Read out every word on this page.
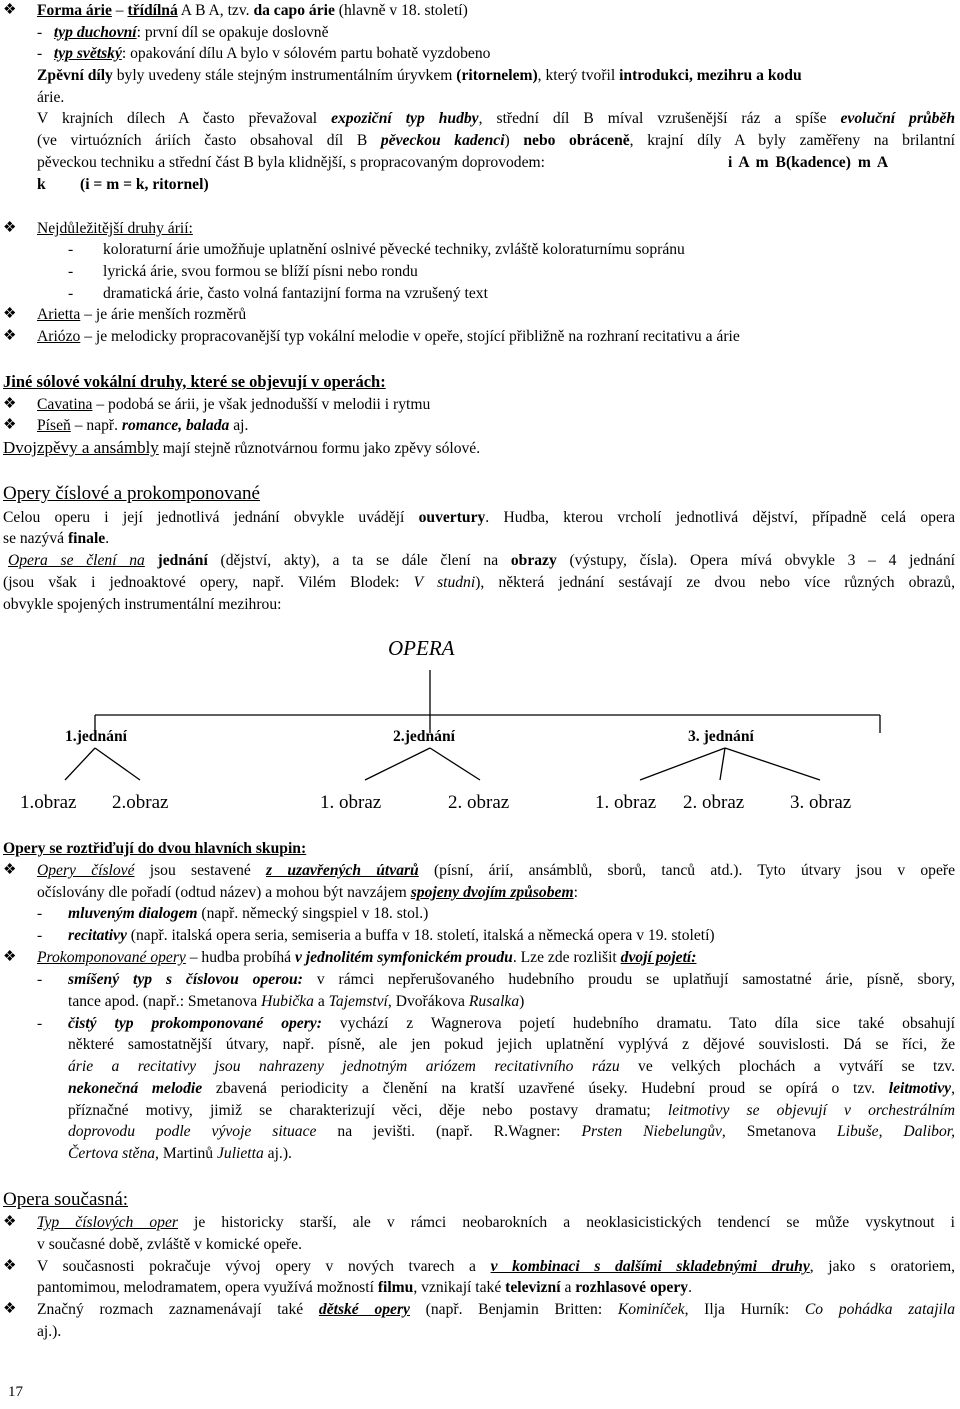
❖ Forma árie – třídílná A B A, tzv. da capo árie (hlavně v 18. století)
-   typ duchovní: první díl se opakuje doslovně
-   typ světský: opakování dílu A bylo v sólovém partu bohatě vyzdobeno
Zpěvní díly byly uvedeny stále stejným instrumentálním úryvkem (ritornelem), který tvořil introdukci, mezihru a kodu
árie.
V krajních dílech A často převažoval expoziční typ hudby, střední díl B míval vzrušenější ráz a spíše evoluční průběh
(ve virtuózních áriích často obsahoval díl B pěveckou kadenci) nebo obráceně, krajní díly A byly zaměřeny na brilantní
pěveckou techniku a střední část B byla klidnější, s propracovaným doprovodem:	i A m B(kadence) m A
k (i = m = k, ritornel)
❖ Nejdůležitější druhy árií:
- koloraturní árie umožňuje uplatnění oslnivé pěvecké techniky, zvláště koloraturnímu sopránu
- lyrická árie, svou formou se blíží písni nebo rondu
- dramatická árie, často volná fantazijní forma na vzrušený text
❖ Arietta – je árie menších rozměrů
❖ Ariózo – je melodicky propracovanější typ vokální melodie v opeře, stojící přibližně na rozhraní recitativu a árie
Jiné sólové vokální druhy, které se objevují v operách:
❖ Cavatina – podobá se árii, je však jednodušší v melodii i rytmu
❖ Píseň – např. romance, balada aj.
Dvojzpěvy a ansámbly mají stejně různotvárnou formu jako zpěvy sólové.
Opery číslové a prokomponované
Celou operu i její jednotlivá jednání obvykle uvádějí ouvertury. Hudba, kterou vrcholí jednotlivá dějství, případně celá opera
se nazývá finale.
Opera se člení na jednání (dějství, akty), a ta se dále člení na obrazy (výstupy, čísla). Opera mívá obvykle 3 – 4 jednání
(jsou však i jednoaktové opery, např. Vilém Blodek: V studni), některá jednání sestávají ze dvou nebo více různých obrazů,
obvykle spojených instrumentální mezihrou:
OPERA
1.jednání	2.jednání	3. jednání
1.obraz 2.obraz	1. obraz	2. obraz	1. obraz 2. obraz 3. obraz
Opery se roztřiďují do dvou hlavních skupin:
❖ Opery číslové jsou sestavené z uzavřených útvarů (písní, árií, ansámblů, sborů, tanců atd.). Tyto útvary jsou v opeře
očíslovány dle pořadí (odtud název) a mohou být navzájem spojeny dvojím způsobem:
- mluveným dialogem (např. německý singspiel v 18. stol.)
- recitativy (např. italská opera seria, semiseria a buffa v 18. století, italská a německá opera v 19. století)
❖ Prokomponované opery – hudba probíhá v jednolitém symfonickém proudu. Lze zde rozlišit dvojí pojetí:
- smíšený typ s číslovou operou: v rámci nepřerušovaného hudebního proudu se uplatňují samostatné árie, písně, sbory,
tance apod. (např.: Smetanova Hubička a Tajemství, Dvořákova Rusalka)
- čistý typ prokomponované opery: vychází z Wagnerova pojetí hudebního dramatu. Tato díla sice také obsahují
některé samostatnější útvary, např. písně, ale jen pokud jejich uplatnění vyplývá z dějové souvislosti. Dá se říci, že
árie a recitativy jsou nahrazeny jednotným ariózem recitativního rázu ve velkých plochách a vytváří se tzv.
nekonečná melodie zbavená periodicity a členění na kratší uzavřené úseky. Hudební proud se opírá o tzv. leitmotivy,
příznačné motivy, jimiž se charakterizují věci, děje nebo postavy dramatu; leitmotivy se objevují v orchestrálním
doprovodu podle vývoje situace na jevišti. (např. R.Wagner: Prsten Niebelungův, Smetanova Libuše, Dalibor,
Čertova stěna, Martinů Julietta aj.).
Opera současná:
❖ Typ číslových oper je historicky starší, ale v rámci neobarokních a neoklasicistických tendencí se může vyskytnout i
v současné době, zvláště v komické opeře.
❖ V současnosti pokračuje vývoj opery v nových tvarech a v kombinaci s dalšími skladebnými druhy, jako s oratoriem,
pantomimou, melodramatem, opera využívá možností filmu, vznikají také televizní a rozhlasové opery.
❖ Značný rozmach zaznamenávají také dětské opery (např. Benjamin Britten: Kominíček, Ilja Hurník: Co pohádka zatajila
aj.).
17
